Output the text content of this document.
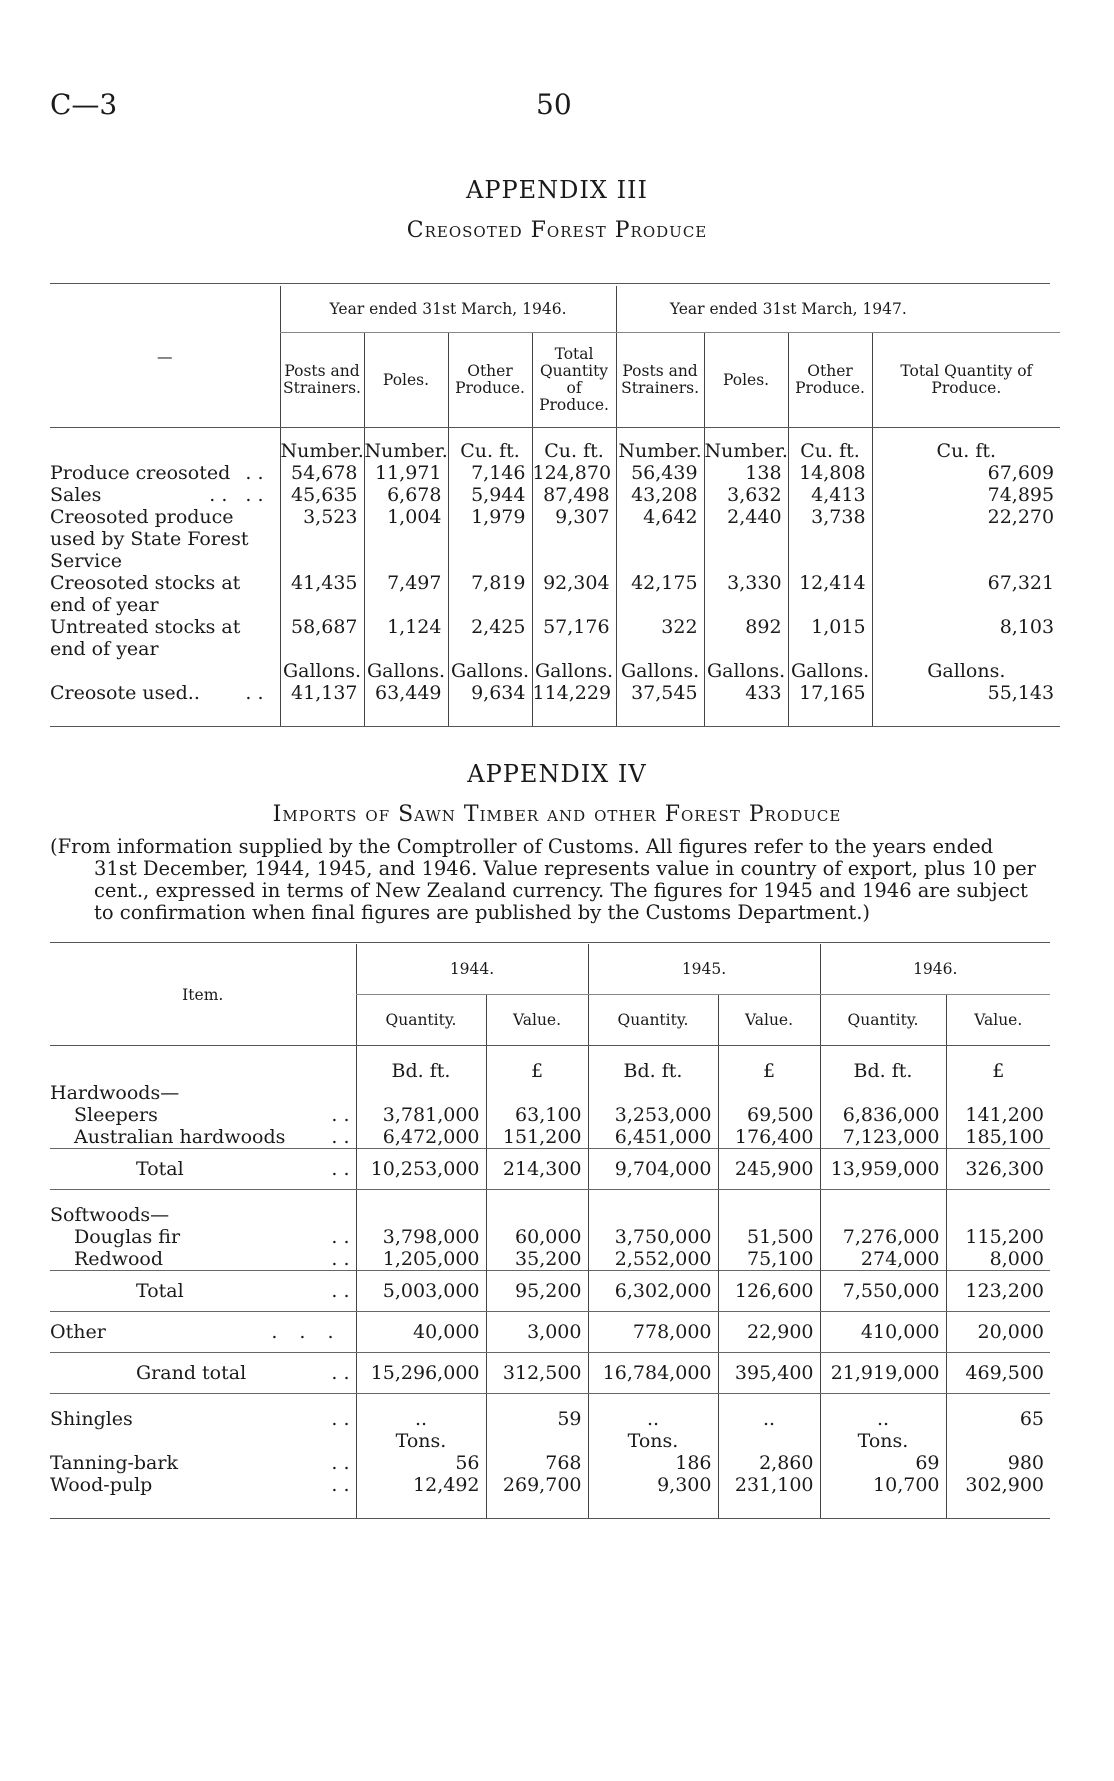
C—3	50
APPENDIX III
Creosoted Forest Produce
—	Year ended 31st March, 1946.				Year ended 31st March, 1947.				
	Posts and Strainers.	Poles.	Other Produce.	Total Quantity of Produce.	Posts and Strainers.	Poles.	Other Produce.	Total Quantity of Produce.	

	Number.	Number.	Cu. ft.	Cu. ft.	Number.	Number.	Cu. ft.	Cu. ft.	
Produce creosoted ..	54,678	11,971	7,146	124,870	56,439	138	14,808	67,609	
Sales .. ..	45,635	6,678	5,944	87,498	43,208	3,632	4,413	74,895	
Creosoted produce used by State Forest Service	3,523	1,004	1,979	9,307	4,642	2,440	3,738	22,270	
Creosoted stocks at end of year	41,435	7,497	7,819	92,304	42,175	3,330	12,414	67,321	
Untreated stocks at end of year	58,687	1,124	2,425	57,176	322	892	1,015	8,103	
	Gallons.	Gallons.	Gallons.	Gallons.	Gallons.	Gallons.	Gallons.	Gallons.	
Creosote used.. ..	41,137	63,449	9,634	114,229	37,545	433	17,165	55,143	
APPENDIX IV
Imports of Sawn Timber and other Forest Produce
(From information supplied by the Comptroller of Customs. All figures refer to the years ended
31st December, 1944, 1945, and 1946. Value represents value in country of export, plus 10 per
cent., expressed in terms of New Zealand currency. The figures for 1945 and 1946 are subject
to confirmation when final figures are published by the Customs Department.)
Item.	1944.		1945.		1946.	
	Quantity.	Value.	Quantity.	Value.	Quantity.	Value.

	Bd. ft.	£	Bd. ft.	£	Bd. ft.	£
Hardwoods—						
Sleepers ..	3,781,000	63,100	3,253,000	69,500	6,836,000	141,200
Australian hardwoods ..	6,472,000	151,200	6,451,000	176,400	7,123,000	185,100
Total ..	10,253,000	214,300	9,704,000	245,900	13,959,000	326,300

Softwoods—						
Douglas fir ..	3,798,000	60,000	3,750,000	51,500	7,276,000	115,200
Redwood ..	1,205,000	35,200	2,552,000	75,100	274,000	8,000
Total ..	5,003,000	95,200	6,302,000	126,600	7,550,000	123,200
Other ...	40,000	3,000	778,000	22,900	410,000	20,000
Grand total ..	15,296,000	312,500	16,784,000	395,400	21,919,000	469,500

Shingles ..	..	59	..	..	..	65
	Tons.		Tons.		Tons.	
Tanning-bark ..	56	768	186	2,860	69	980
Wood-pulp ..	12,492	269,700	9,300	231,100	10,700	302,900
